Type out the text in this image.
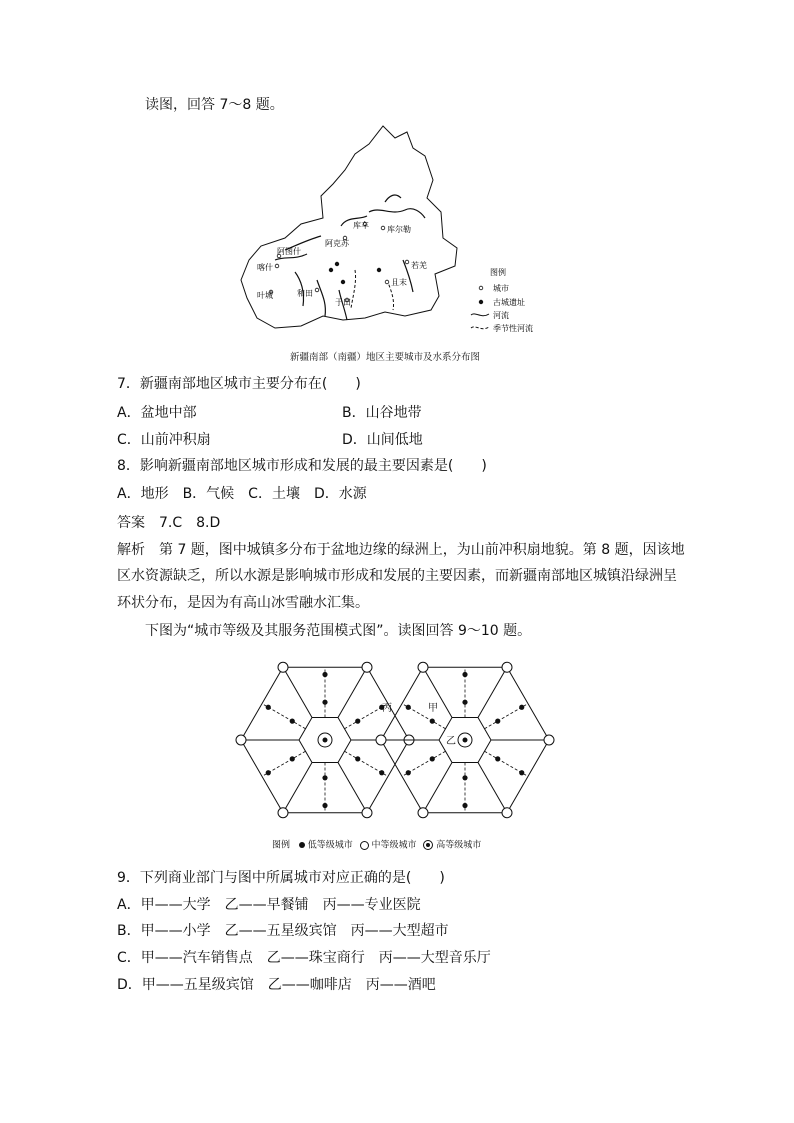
读图，回答 7～8 题。
库车 库尔勒
阿克苏
阿图什
喀什
叶城	和田
于田
且末
若羌
图例
城市
古城遗址
河流
季节性河流
新疆南部（南疆）地区主要城市及水系分布图
7．新疆南部地区城市主要分布在(　　)
A．盆地中部	B．山谷地带
C．山前冲积扇	D．山间低地
8．影响新疆南部地区城市形成和发展的最主要因素是(　　)
A．地形　B．气候　C．土壤　D．水源
答案　7.C　8.D
解析　第 7 题，图中城镇多分布于盆地边缘的绿洲上，为山前冲积扇地貌。第 8 题，因该地
区水资源缺乏，所以水源是影响城市形成和发展的主要因素，而新疆南部地区城镇沿绿洲呈
环状分布，是因为有高山冰雪融水汇集。
下图为“城市等级及其服务范围模式图”。读图回答 9～10 题。
丙	甲
乙
图例 低等级城市 中等级城市 高等级城市
9．下列商业部门与图中所属城市对应正确的是(　　)
A．甲——大学　乙——早餐铺　丙——专业医院
B．甲——小学　乙——五星级宾馆　丙——大型超市
C．甲——汽车销售点　乙——珠宝商行　丙——大型音乐厅
D．甲——五星级宾馆　乙——咖啡店　丙——酒吧
